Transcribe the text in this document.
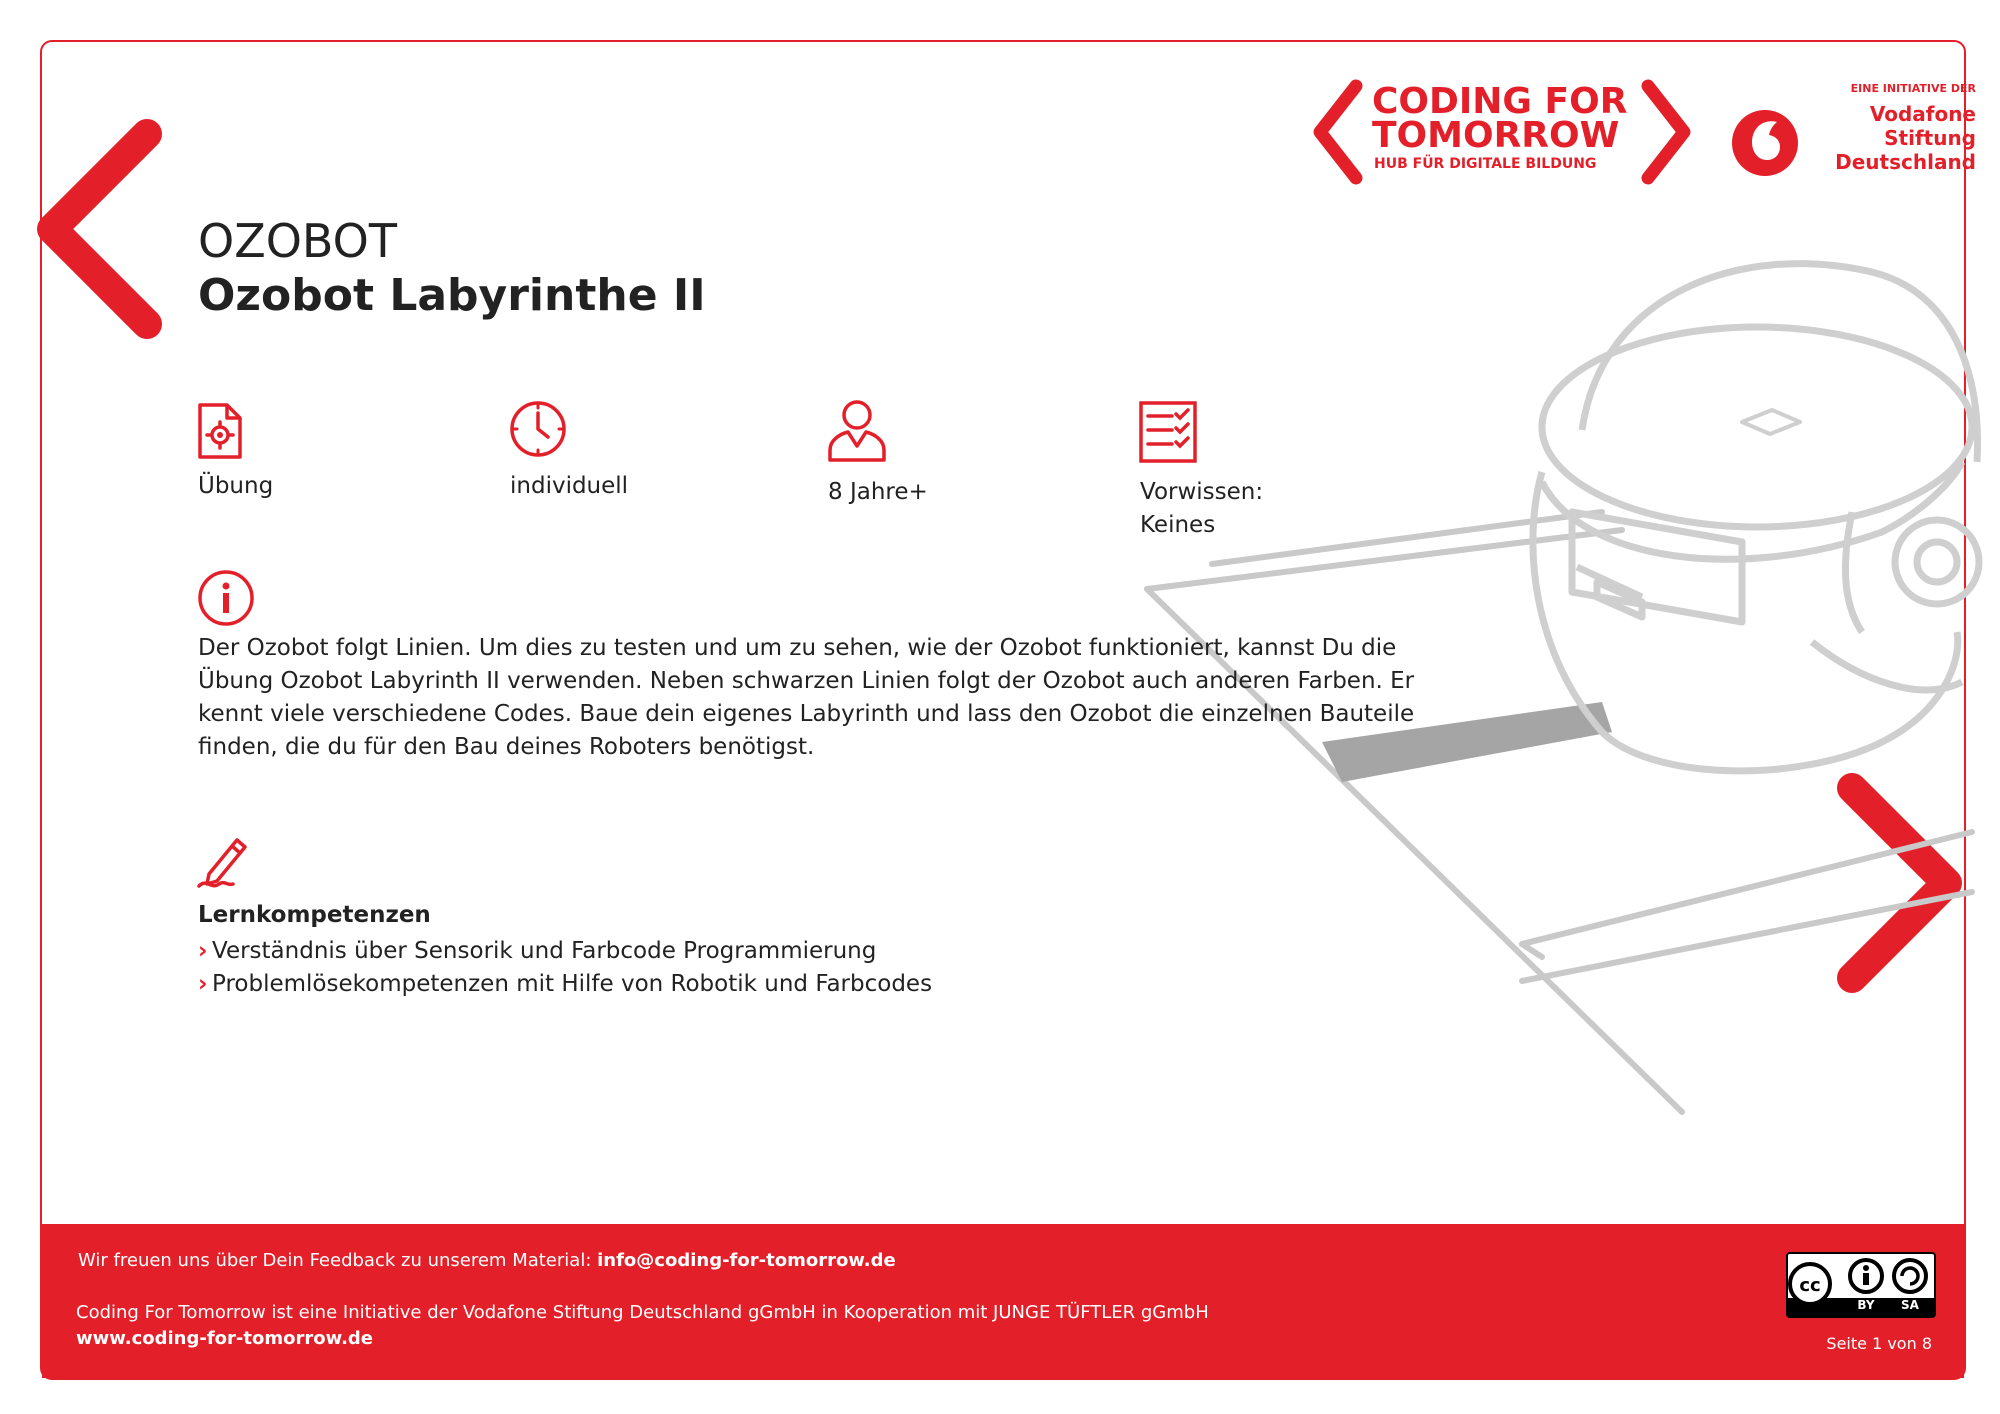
CODING FOR
TOMORROW
HUB FÜR DIGITALE BILDUNG
EINE INITIATIVE DER
Vodafone
Stiftung
Deutschland
OZOBOT
Ozobot Labyrinthe II
Übung	individuell	8 Jahre+	Vorwissen:
Keines
Der Ozobot folgt Linien. Um dies zu testen und um zu sehen, wie der Ozobot funktioniert, kannst Du die Übung Ozobot Labyrinth II verwenden. Neben schwarzen Linien folgt der Ozobot auch anderen Farben. Er kennt viele verschiedene Codes. Baue dein eigenes Labyrinth und lass den Ozobot die einzelnen Bauteile finden, die du für den Bau deines Roboters benötigst.
Lernkompetenzen
› Verständnis über Sensorik und Farbcode Programmierung
› Problemlösekompetenzen mit Hilfe von Robotik und Farbcodes
Wir freuen uns über Dein Feedback zu unserem Material: info@coding-for-tomorrow.de
Coding For Tomorrow ist eine Initiative der Vodafone Stiftung Deutschland gGmbH in Kooperation mit JUNGE TÜFTLER gGmbH
www.coding-for-tomorrow.de
cc
BY	SA
Seite 1 von 8
